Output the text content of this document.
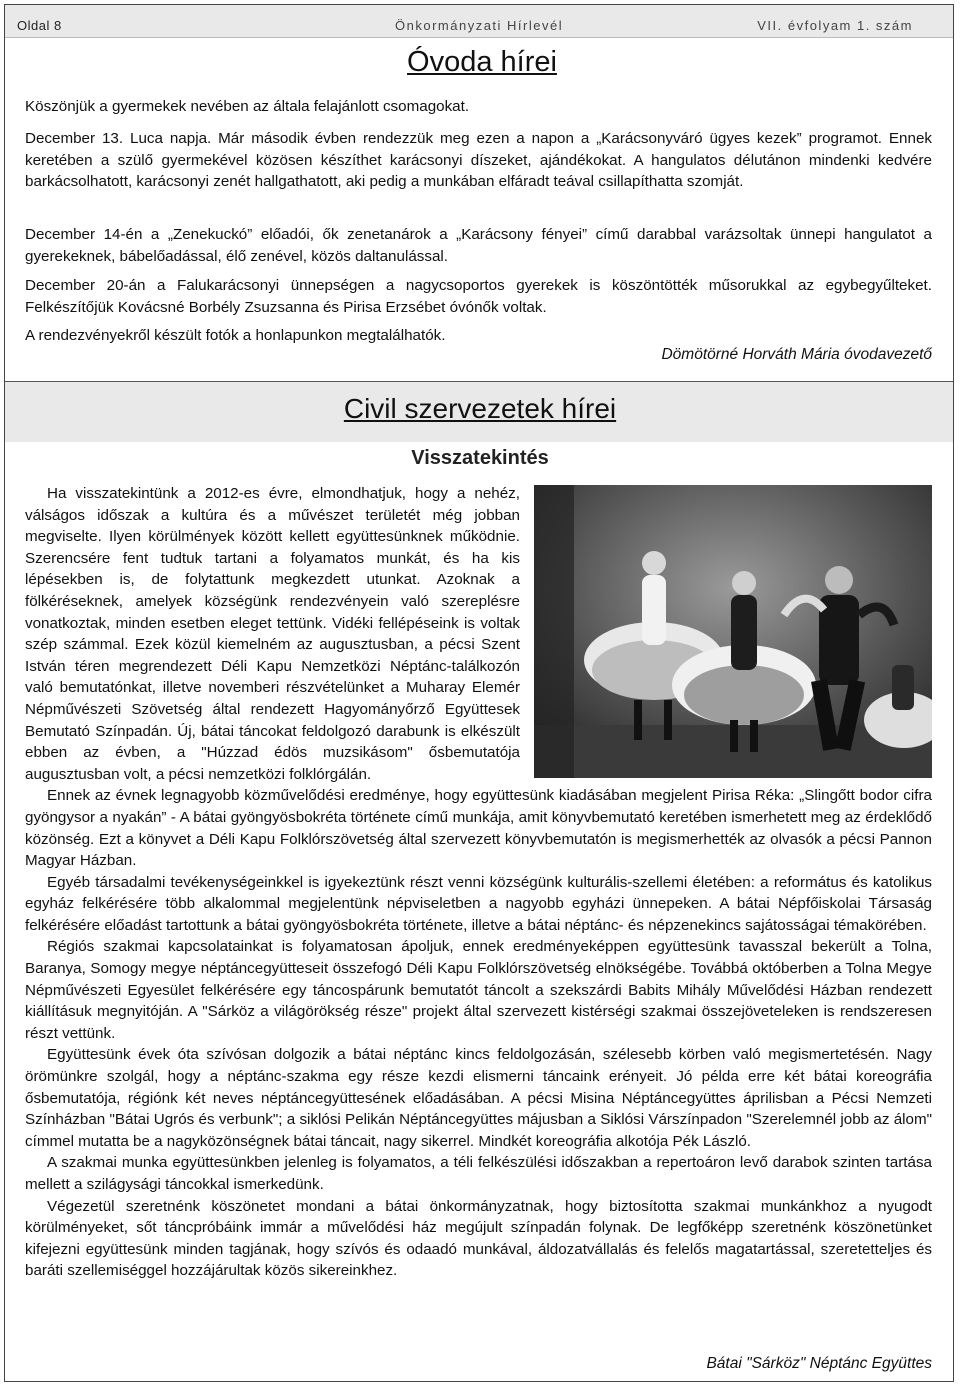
Oldal 8	Önkormányzati Hírlevél	VII. évfolyam 1. szám
Óvoda hírei

Köszönjük a gyermekek nevében az általa felajánlott csomagokat.

December 13. Luca napja. Már második évben rendezzük meg ezen a napon a „Karácsonyváró ügyes kezek” programot. Ennek keretében a szülő gyermekével közösen készíthet karácsonyi díszeket, ajándékokat. A hangulatos délutánon mindenki kedvére barkácsolhatott, karácsonyi zenét hallgathatott, aki pedig a munkában elfáradt teával csillapíthatta szomját.

December 14-én a „Zenekuckó” előadói, ők zenetanárok a „Karácsony fényei” című darabbal varázsoltak ünnepi hangulatot a gyerekeknek, bábelőadással, élő zenével, közös daltanulással.

December 20-án a Falukarácsonyi ünnepségen a nagycsoportos gyerekek is köszöntötték műsorukkal az egybegyűlteket. Felkészítőjük Kovácsné Borbély Zsuzsanna és Pirisa Erzsébet óvónők voltak.

A rendezvényekről készült fotók a honlapunkon megtalálhatók.

Dömötörné Horváth Mária óvodavezető
Civil szervezetek hírei
Visszatekintés

Ha visszatekintünk a 2012-es évre, elmondhatjuk, hogy a nehéz, válságos időszak a kultúra és a művészet területét még jobban megviselte. Ilyen körülmények között kellett együttesünknek működnie. Szerencsére fent tudtuk tartani a folyamatos munkát, és ha kis lépésekben is, de folytattunk megkezdett utunkat. Azoknak a fölkéréseknek, amelyek községünk rendezvényein való szereplésre vonatkoztak, minden esetben eleget tettünk. Vidéki fellépéseink is voltak szép számmal. Ezek közül kiemelném az augusztusban, a pécsi Szent István téren megrendezett Déli Kapu Nemzetközi Néptánc-találkozón való bemutatónkat, illetve novemberi részvételünket a Muharay Elemér Népművészeti Szövetség által rendezett Hagyományőrző Együttesek Bemutató Színpadán. Új, bátai táncokat feldolgozó darabunk is elkészült ebben az évben, a "Húzzad édös muzsikásom" ősbemutatója augusztusban volt, a pécsi nemzetközi folklórgálán.

Ennek az évnek legnagyobb közművelődési eredménye, hogy együttesünk kiadásában megjelent Pirisa Réka: „Slingőtt bodor cifra gyöngysor a nyakán” - A bátai gyöngyösbokréta története című munkája, amit könyvbemutató keretében ismerhetett meg az érdeklődő közönség. Ezt a könyvet a Déli Kapu Folklórszövetség által szervezett könyvbemutatón is megismerhették az olvasók a pécsi Pannon Magyar Házban.

Egyéb társadalmi tevékenységeinkkel is igyekeztünk részt venni községünk kulturális-szellemi életében: a református és katolikus egyház felkérésére több alkalommal megjelentünk népviseletben a nagyobb egyházi ünnepeken. A bátai Népfőiskolai Társaság felkérésére előadást tartottunk a bátai gyöngyösbokréta története, illetve a bátai néptánc- és népzenekincs sajátosságai témakörében.

Régiós szakmai kapcsolatainkat is folyamatosan ápoljuk, ennek eredményeképpen együttesünk tavasszal bekerült a Tolna, Baranya, Somogy megye néptáncegyütteseit összefogó Déli Kapu Folklórszövetség elnökségébe. Továbbá októberben a Tolna Megye Népművészeti Egyesület felkérésére egy táncospárunk bemutatót táncolt a szekszárdi Babits Mihály Művelődési Házban rendezett kiállításuk megnyitóján. A "Sárköz a világörökség része" projekt által szervezett kistérségi szakmai összejöveteleken is rendszeresen részt vettünk.

Együttesünk évek óta szívósan dolgozik a bátai néptánc kincs feldolgozásán, szélesebb körben való megismertetésén. Nagy örömünkre szolgál, hogy a néptánc-szakma egy része kezdi elismerni táncaink erényeit. Jó példa erre két bátai koreográfia ősbemutatója, régiónk két neves néptáncegyüttesének előadásában. A pécsi Misina Néptáncegyüttes áprilisban a Pécsi Nemzeti Színházban "Bátai Ugrós és verbunk"; a siklósi Pelikán Néptáncegyüttes májusban a Siklósi Várszínpadon "Szerelemnél jobb az álom" címmel mutatta be a nagyközönségnek bátai táncait, nagy sikerrel. Mindkét koreográfia alkotója Pék László.

A szakmai munka együttesünkben jelenleg is folyamatos, a téli felkészülési időszakban a repertoáron levő darabok szinten tartása mellett a szilágysági táncokkal ismerkedünk.

Végezetül szeretnénk köszönetet mondani a bátai önkormányzatnak, hogy biztosította szakmai munkánkhoz a nyugodt körülményeket, sőt táncpróbáink immár a művelődési ház megújult színpadán folynak. De legfőképp szeretnénk köszönetünket kifejezni együttesünk minden tagjának, hogy szívós és odaadó munkával, áldozatvállalás és felelős magatartással, szeretetteljes és baráti szellemiséggel hozzájárultak közös sikereinkhez.

Bátai "Sárköz" Néptánc Együttes
